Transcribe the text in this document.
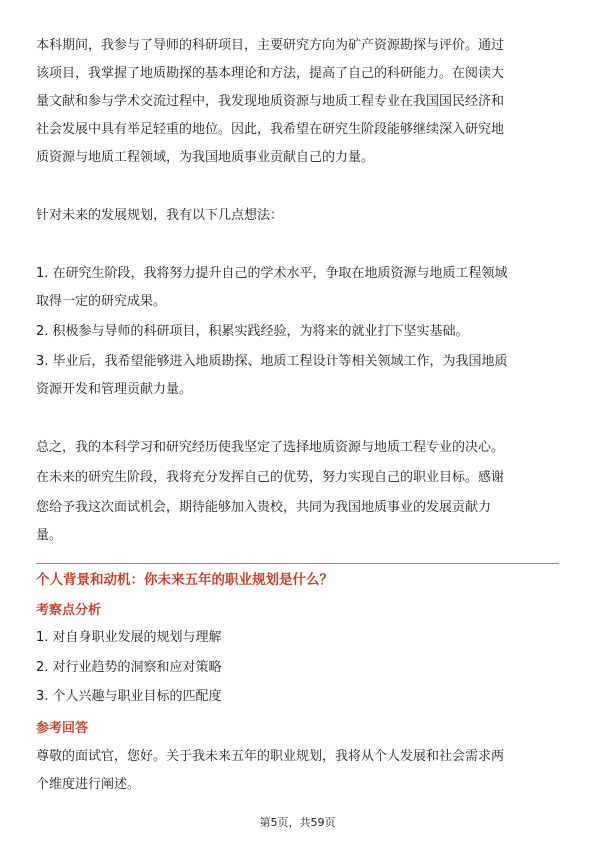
本科期间，我参与了导师的科研项目，主要研究方向为矿产资源勘探与评价。通过
该项目，我掌握了地质勘探的基本理论和方法，提高了自己的科研能力。在阅读大
量文献和参与学术交流过程中，我发现地质资源与地质工程专业在我国国民经济和
社会发展中具有举足轻重的地位。因此，我希望在研究生阶段能够继续深入研究地
质资源与地质工程领域，为我国地质事业贡献自己的力量。
针对未来的发展规划，我有以下几点想法：
1. 在研究生阶段，我将努力提升自己的学术水平，争取在地质资源与地质工程领域
取得一定的研究成果。
2. 积极参与导师的科研项目，积累实践经验，为将来的就业打下坚实基础。
3. 毕业后，我希望能够进入地质勘探、地质工程设计等相关领域工作，为我国地质
资源开发和管理贡献力量。
总之，我的本科学习和研究经历使我坚定了选择地质资源与地质工程专业的决心。
在未来的研究生阶段，我将充分发挥自己的优势，努力实现自己的职业目标。感谢
您给予我这次面试机会，期待能够加入贵校，共同为我国地质事业的发展贡献力
量。
个人背景和动机：你未来五年的职业规划是什么？
考察点分析
1. 对自身职业发展的规划与理解
2. 对行业趋势的洞察和应对策略
3. 个人兴趣与职业目标的匹配度
参考回答
尊敬的面试官，您好。关于我未来五年的职业规划，我将从个人发展和社会需求两
个维度进行阐述。
第5页，共59页
